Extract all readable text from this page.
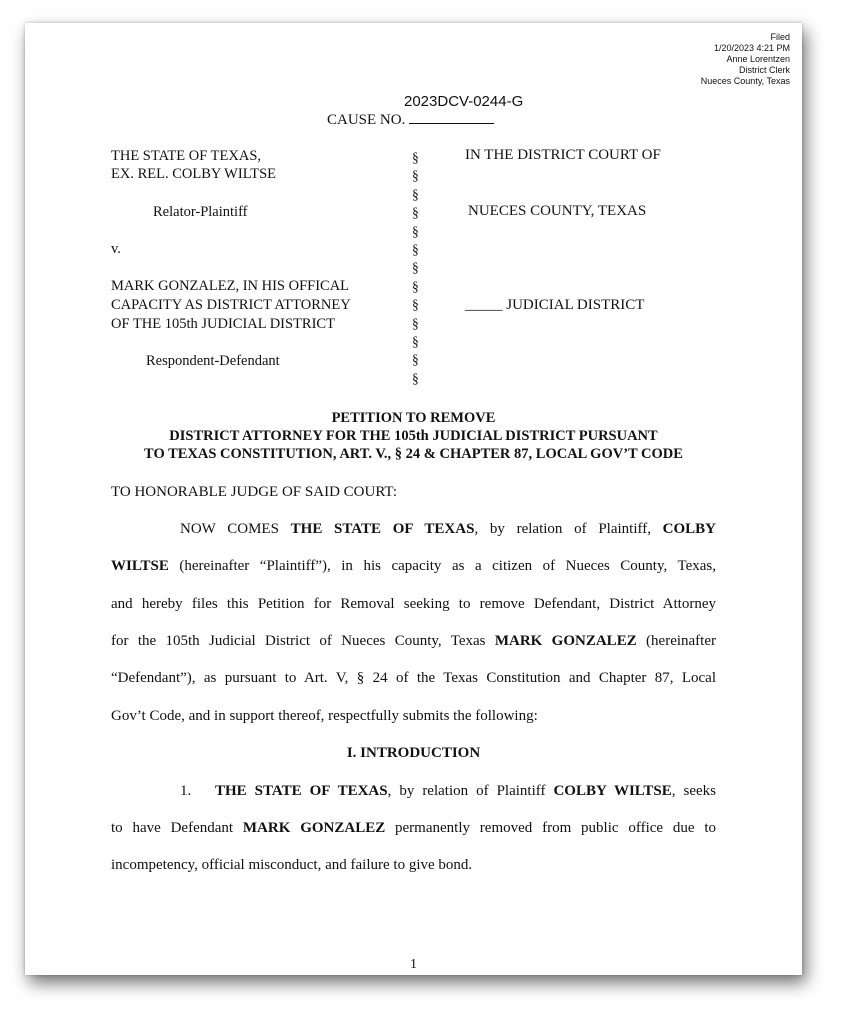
Filed
1/20/2023 4:21 PM
Anne Lorentzen
District Clerk
Nueces County, Texas
2023DCV-0244-G
CAUSE NO.
THE STATE OF TEXAS,
EX. REL. COLBY WILTSE
Relator-Plaintiff
v.
MARK GONZALEZ, IN HIS OFFICAL
CAPACITY AS DISTRICT ATTORNEY
OF THE 105th JUDICIAL DISTRICT
Respondent-Defendant
§
§
§
§
§
§
§
§
§
§
§
§
§
IN THE DISTRICT COURT OF
NUECES COUNTY, TEXAS
_____ JUDICIAL DISTRICT
PETITION TO REMOVE
DISTRICT ATTORNEY FOR THE 105th JUDICIAL DISTRICT PURSUANT
TO TEXAS CONSTITUTION, ART. V., § 24 & CHAPTER 87, LOCAL GOV’T CODE
TO HONORABLE JUDGE OF SAID COURT:
NOW COMES THE STATE OF TEXAS, by relation of Plaintiff, COLBY
WILTSE (hereinafter “Plaintiff”), in his capacity as a citizen of Nueces County, Texas,
and hereby files this Petition for Removal seeking to remove Defendant, District Attorney
for the 105th Judicial District of Nueces County, Texas MARK GONZALEZ (hereinafter
“Defendant”), as pursuant to Art. V, § 24 of the Texas Constitution and Chapter 87, Local
Gov’t Code, and in support thereof, respectfully submits the following:
I. INTRODUCTION
1. THE STATE OF TEXAS, by relation of Plaintiff COLBY WILTSE, seeks
to have Defendant MARK GONZALEZ permanently removed from public office due to
incompetency, official misconduct, and failure to give bond.
1
